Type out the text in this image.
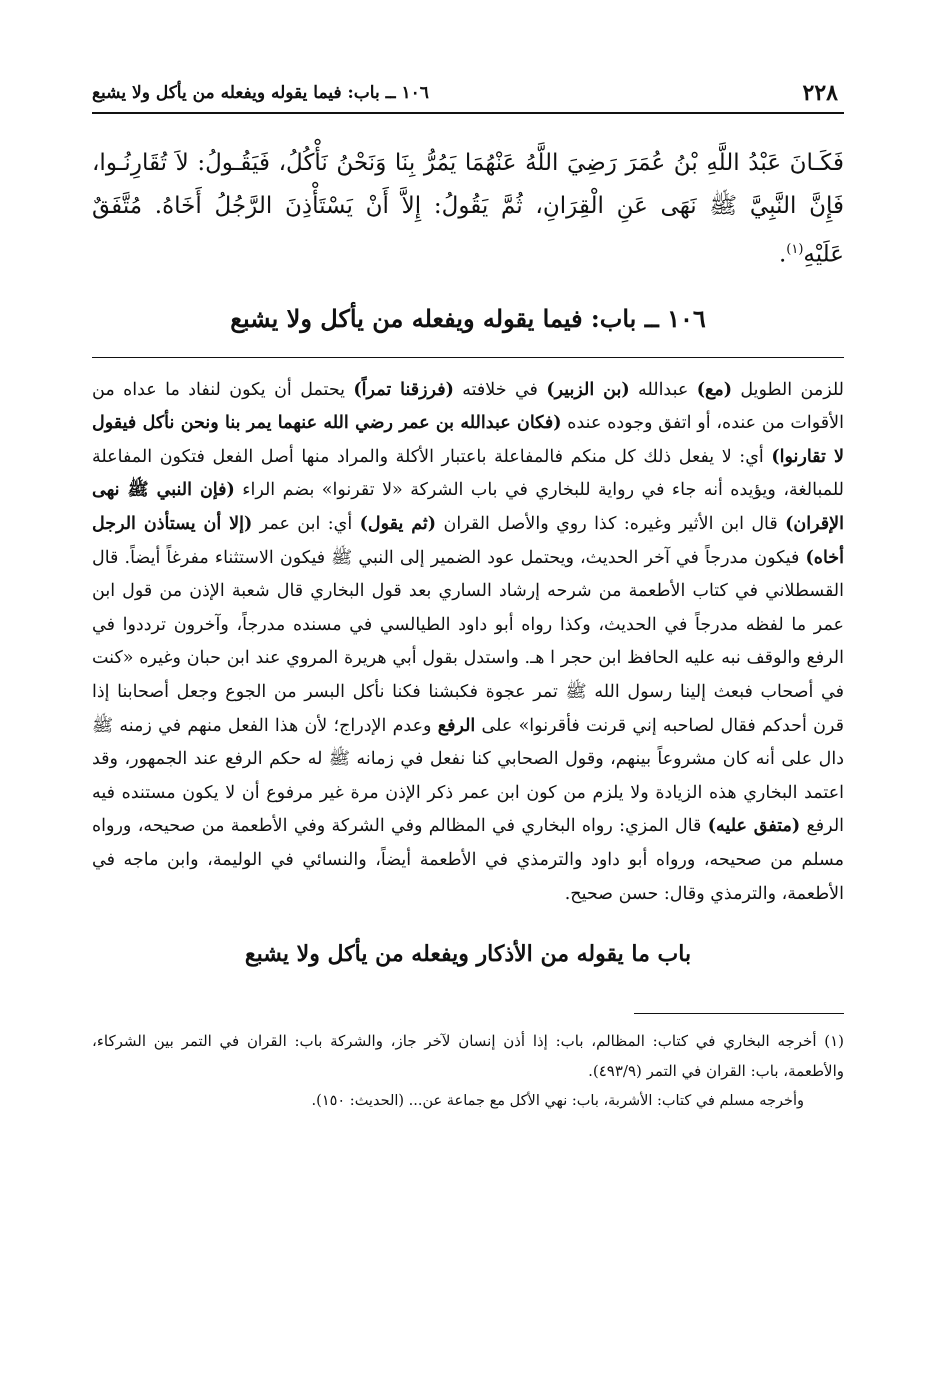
٢٢٨
١٠٦ ــ باب: فيما يقوله ويفعله من يأكل ولا يشبع
فَكَـانَ عَبْدُ اللَّهِ بْنُ عُمَرَ رَضِيَ اللَّهُ عَنْهُمَا يَمُرُّ بِنَا وَنَحْنُ نَأْكُلُ، فَيَقُـولُ: لاَ تُقَارِنُـوا، فَإِنَّ النَّبِيَّ ﷺ نَهَى عَنِ الْقِرَانِ، ثُمَّ يَقُولُ: إِلاَّ أَنْ يَسْتَأْذِنَ الرَّجُلُ أَخَاهُ. مُتَّفَقٌ عَلَيْهِ$^{(١)}$.
١٠٦ ــ باب: فيما يقوله ويفعله من يأكل ولا يشبع
للزمن الطويل (مع) عبدالله (بن الزبير) في خلافته (فرزقنا تمراً) يحتمل أن يكون لنفاد ما عداه من الأقوات من عنده، أو اتفق وجوده عنده (فكان عبدالله بن عمر رضي الله عنهما يمر بنا ونحن نأكل فيقول لا تقارنوا) أي: لا يفعل ذلك كل منكم فالمفاعلة باعتبار الأكلة والمراد منها أصل الفعل فتكون المفاعلة للمبالغة، ويؤيده أنه جاء في رواية للبخاري في باب الشركة «لا تقرنوا» بضم الراء (فإن النبي ﷺ نهى الإقران) قال ابن الأثير وغيره: كذا روي والأصل القران (ثم يقول) أي: ابن عمر (إلا أن يستأذن الرجل أخاه) فيكون مدرجاً في آخر الحديث، ويحتمل عود الضمير إلى النبي ﷺ فيكون الاستثناء مفرغاً أيضاً. قال القسطلاني في كتاب الأطعمة من شرحه إرشاد الساري بعد قول البخاري قال شعبة الإذن من قول ابن عمر ما لفظه مدرجاً في الحديث، وكذا رواه أبو داود الطيالسي في مسنده مدرجاً، وآخرون ترددوا في الرفع والوقف نبه عليه الحافظ ابن حجر ا هـ. واستدل بقول أبي هريرة المروي عند ابن حبان وغيره «كنت في أصحاب فبعث إلينا رسول الله ﷺ تمر عجوة فكبشنا فكنا نأكل البسر من الجوع وجعل أصحابنا إذا قرن أحدكم فقال لصاحبه إني قرنت فأقرنوا» على الرفع وعدم الإدراج؛ لأن هذا الفعل منهم في زمنه ﷺ دال على أنه كان مشروعاً بينهم، وقول الصحابي كنا نفعل في زمانه ﷺ له حكم الرفع عند الجمهور، وقد اعتمد البخاري هذه الزيادة ولا يلزم من كون ابن عمر ذكر الإذن مرة غير مرفوع أن لا يكون مستنده فيه الرفع (متفق عليه) قال المزي: رواه البخاري في المظالم وفي الشركة وفي الأطعمة من صحيحه، ورواه مسلم من صحيحه، ورواه أبو داود والترمذي في الأطعمة أيضاً، والنسائي في الوليمة، وابن ماجه في الأطعمة، والترمذي وقال: حسن صحيح.
باب ما يقوله من الأذكار ويفعله من يأكل ولا يشبع

(١) أخرجه البخاري في كتاب: المظالم، باب: إذا أذن إنسان لآخر جاز، والشركة باب: القران في التمر بين الشركاء، والأطعمة، باب: القران في التمر (٤٩٣/٩).

وأخرجه مسلم في كتاب: الأشربة، باب: نهي الأكل مع جماعة عن... (الحديث: ١٥٠).
